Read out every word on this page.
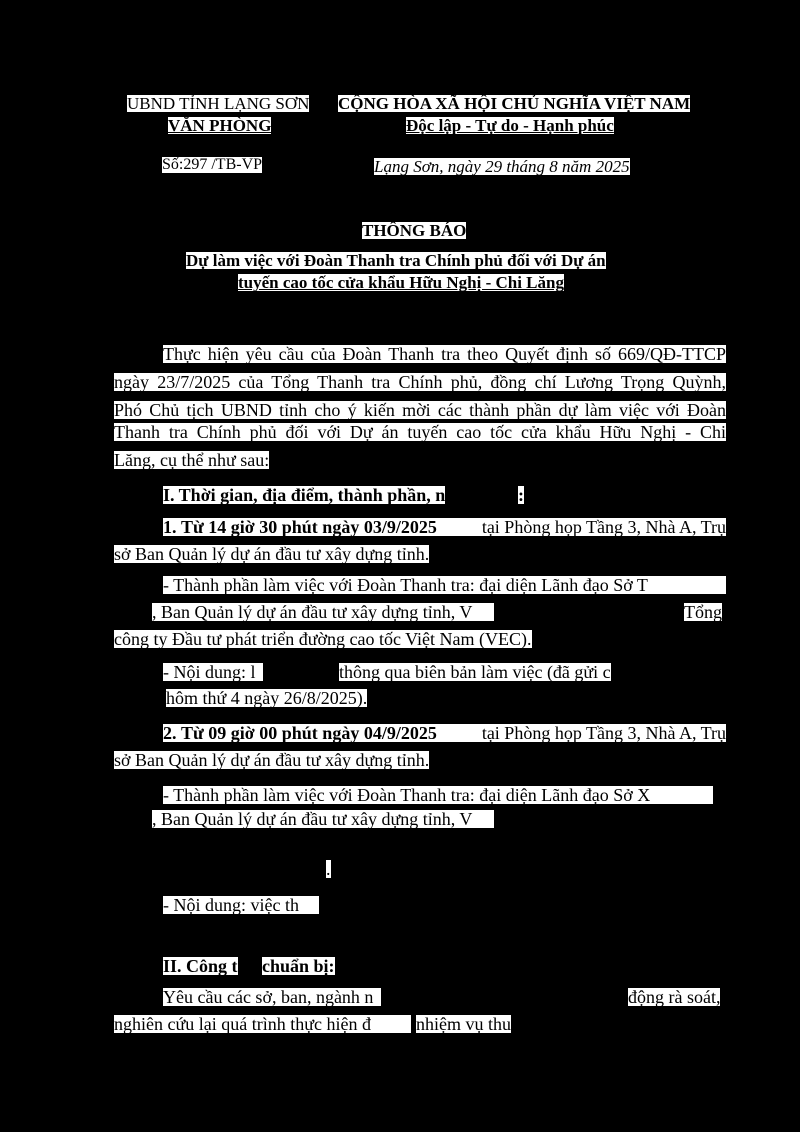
UBND TỈNH LẠNG SƠN
VĂN PHÒNG
CỘNG HÒA XÃ HỘI CHỦ NGHĨA VIỆT NAM
Độc lập - Tự do - Hạnh phúc
Số:297 /TB-VP	Lạng Sơn, ngày 29 tháng 8 năm 2025
THÔNG BÁO
Dự làm việc với Đoàn Thanh tra Chính phủ đối với Dự án
tuyến cao tốc cửa khẩu Hữu Nghị - Chi Lăng
Thực hiện yêu cầu của Đoàn Thanh tra theo Quyết định số 669/QĐ-TTCP
ngày 23/7/2025 của Tổng Thanh tra Chính phủ, đồng chí Lương Trọng Quỳnh,
Phó Chủ tịch UBND tỉnh cho ý kiến mời các thành phần dự làm việc với Đoàn
Thanh tra Chính phủ đối với Dự án tuyến cao tốc cửa khẩu Hữu Nghị - Chi
Lăng, cụ thể như sau:
I. Thời gian, địa điểm, thành phần, n	:
1. Từ 14 giờ 30 phút ngày 03/9/2025 tại Phòng họp Tầng 3, Nhà A, Trụ
sở Ban Quản lý dự án đầu tư xây dựng tỉnh.
- Thành phần làm việc với Đoàn Thanh tra: đại diện Lãnh đạo Sở T
, Ban Quản lý dự án đầu tư xây dựng tỉnh, V	Tổng
công ty Đầu tư phát triển đường cao tốc Việt Nam (VEC).
- Nội dung: l	thông qua biên bản làm việc (đã gửi c
hôm thứ 4 ngày 26/8/2025).
2. Từ 09 giờ 00 phút ngày 04/9/2025 tại Phòng họp Tầng 3, Nhà A, Trụ
sở Ban Quản lý dự án đầu tư xây dựng tỉnh.
- Thành phần làm việc với Đoàn Thanh tra: đại diện Lãnh đạo Sở X
, Ban Quản lý dự án đầu tư xây dựng tỉnh, V
.
- Nội dung: việc th
II. Công t chuẩn bị:
Yêu cầu các sở, ban, ngành n	động rà soát,
nghiên cứu lại quá trình thực hiện đ	nhiệm vụ thu
